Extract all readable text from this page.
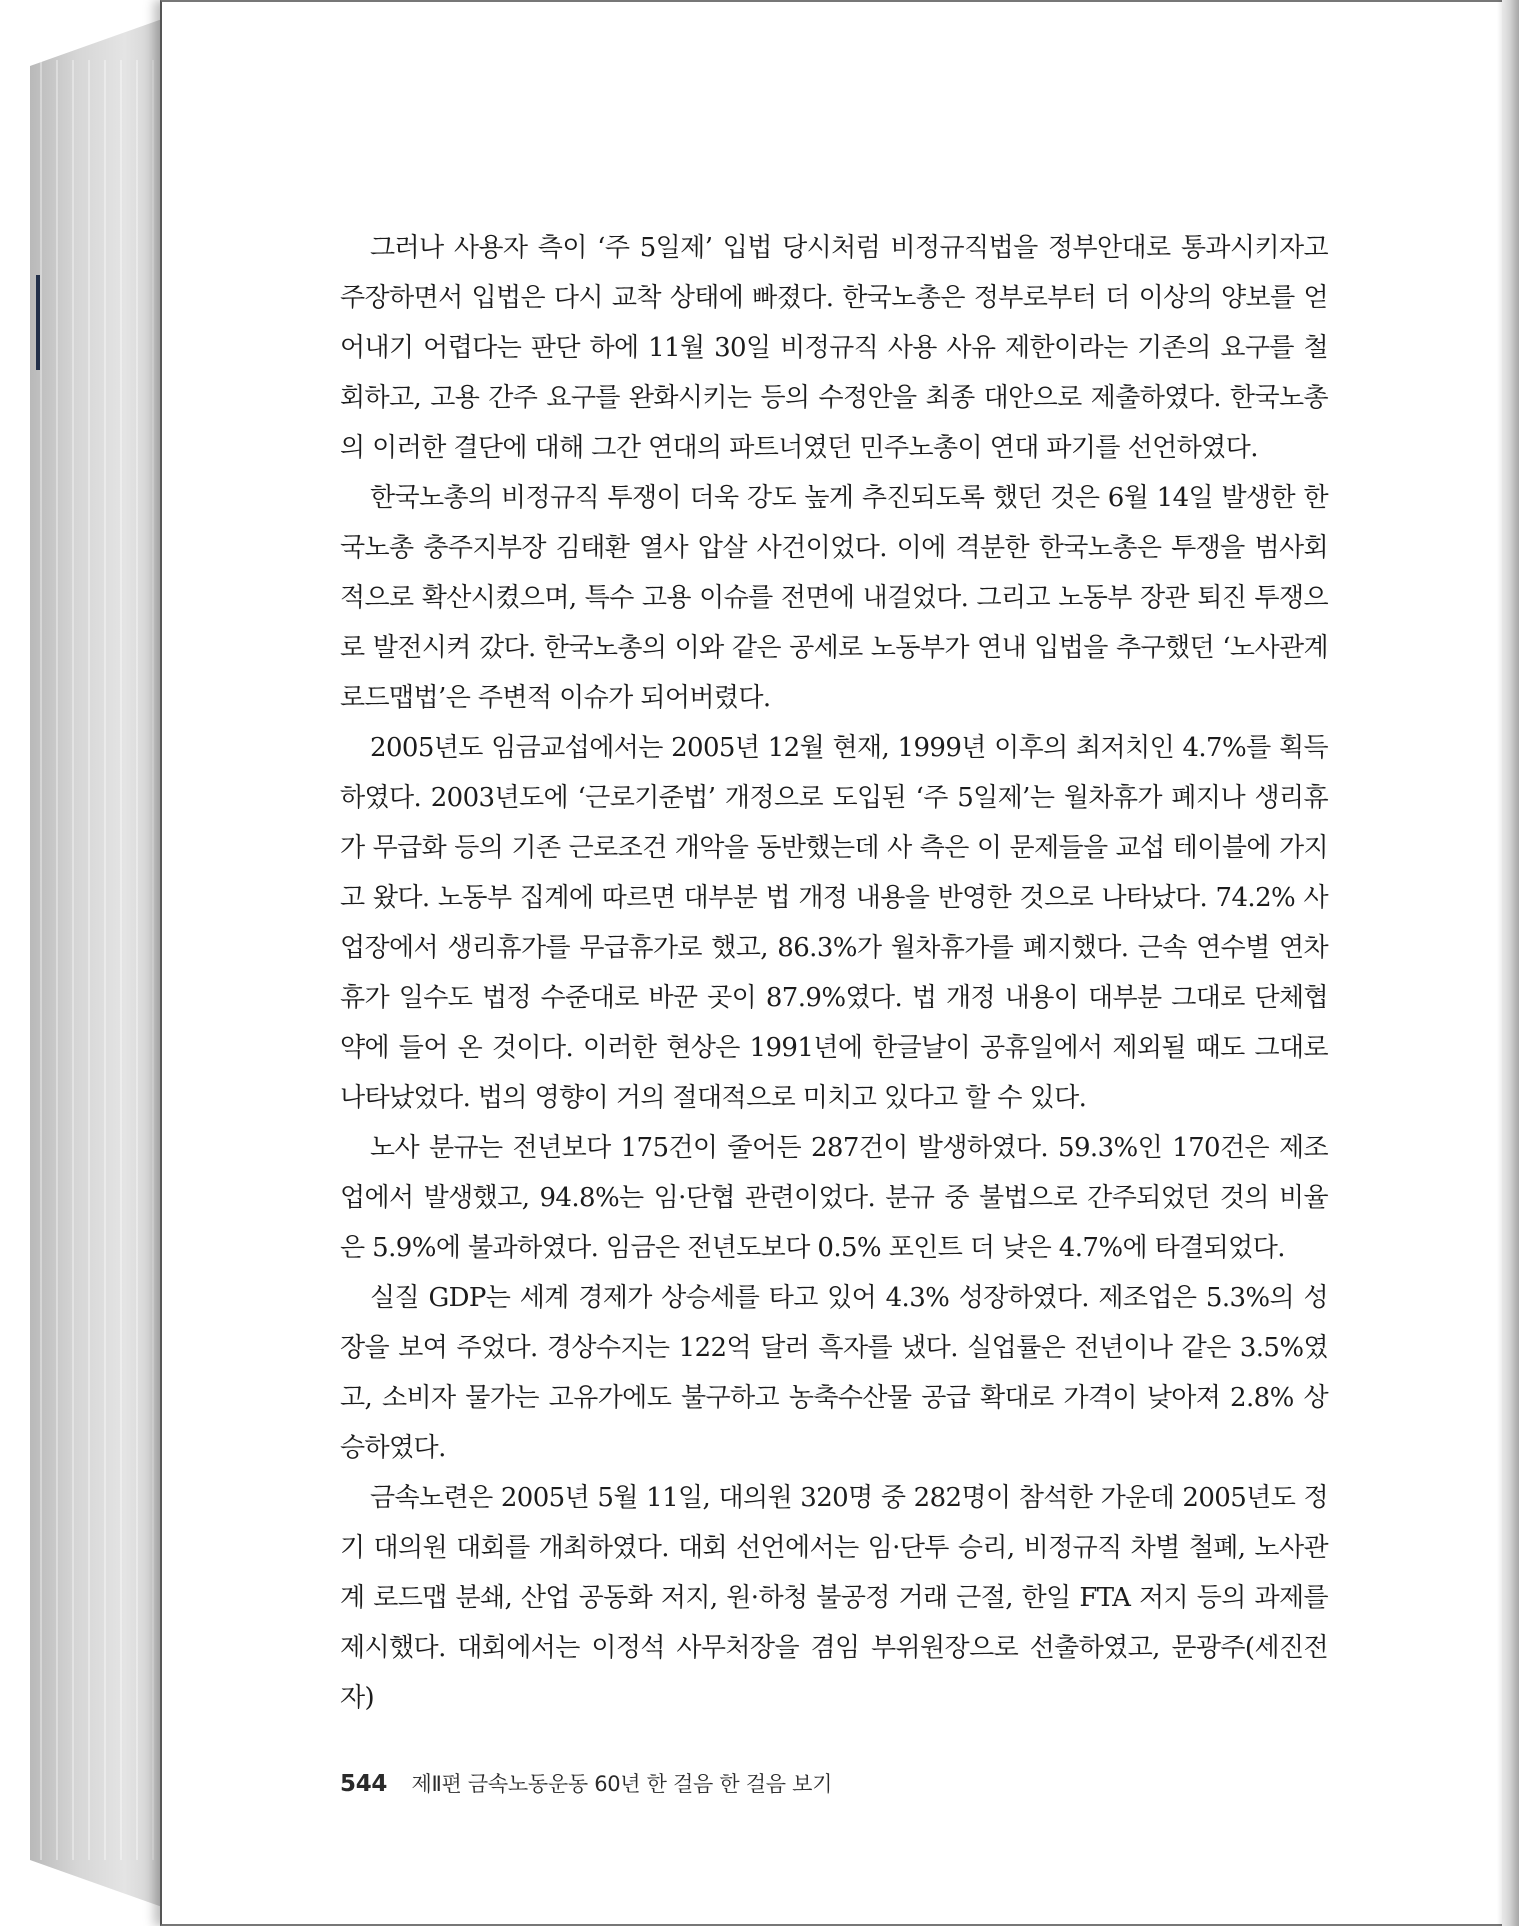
그러나 사용자 측이 ‘주 5일제’ 입법 당시처럼 비정규직법을 정부안대로 통과시키자고 주장하면서 입법은 다시 교착 상태에 빠졌다. 한국노총은 정부로부터 더 이상의 양보를 얻어내기 어렵다는 판단 하에 11월 30일 비정규직 사용 사유 제한이라는 기존의 요구를 철회하고, 고용 간주 요구를 완화시키는 등의 수정안을 최종 대안으로 제출하였다. 한국노총의 이러한 결단에 대해 그간 연대의 파트너였던 민주노총이 연대 파기를 선언하였다.

한국노총의 비정규직 투쟁이 더욱 강도 높게 추진되도록 했던 것은 6월 14일 발생한 한국노총 충주지부장 김태환 열사 압살 사건이었다. 이에 격분한 한국노총은 투쟁을 범사회적으로 확산시켰으며, 특수 고용 이슈를 전면에 내걸었다. 그리고 노동부 장관 퇴진 투쟁으로 발전시켜 갔다. 한국노총의 이와 같은 공세로 노동부가 연내 입법을 추구했던 ‘노사관계 로드맵법’은 주변적 이슈가 되어버렸다.

2005년도 임금교섭에서는 2005년 12월 현재, 1999년 이후의 최저치인 4.7%를 획득하였다. 2003년도에 ‘근로기준법’ 개정으로 도입된 ‘주 5일제’는 월차휴가 폐지나 생리휴가 무급화 등의 기존 근로조건 개악을 동반했는데 사 측은 이 문제들을 교섭 테이블에 가지고 왔다. 노동부 집계에 따르면 대부분 법 개정 내용을 반영한 것으로 나타났다. 74.2% 사업장에서 생리휴가를 무급휴가로 했고, 86.3%가 월차휴가를 폐지했다. 근속 연수별 연차휴가 일수도 법정 수준대로 바꾼 곳이 87.9%였다. 법 개정 내용이 대부분 그대로 단체협약에 들어 온 것이다. 이러한 현상은 1991년에 한글날이 공휴일에서 제외될 때도 그대로 나타났었다. 법의 영향이 거의 절대적으로 미치고 있다고 할 수 있다.

노사 분규는 전년보다 175건이 줄어든 287건이 발생하였다. 59.3%인 170건은 제조업에서 발생했고, 94.8%는 임·단협 관련이었다. 분규 중 불법으로 간주되었던 것의 비율은 5.9%에 불과하였다. 임금은 전년도보다 0.5% 포인트 더 낮은 4.7%에 타결되었다.

실질 GDP는 세계 경제가 상승세를 타고 있어 4.3% 성장하였다. 제조업은 5.3%의 성장을 보여 주었다. 경상수지는 122억 달러 흑자를 냈다. 실업률은 전년이나 같은 3.5%였고, 소비자 물가는 고유가에도 불구하고 농축수산물 공급 확대로 가격이 낮아져 2.8% 상승하였다.

금속노련은 2005년 5월 11일, 대의원 320명 중 282명이 참석한 가운데 2005년도 정기 대의원 대회를 개최하였다. 대회 선언에서는 임·단투 승리, 비정규직 차별 철폐, 노사관계 로드맵 분쇄, 산업 공동화 저지, 원·하청 불공정 거래 근절, 한일 FTA 저지 등의 과제를 제시했다. 대회에서는 이정석 사무처장을 겸임 부위원장으로 선출하였고, 문광주(세진전자)

544 제Ⅱ편 금속노동운동 60년 한 걸음 한 걸음 보기
